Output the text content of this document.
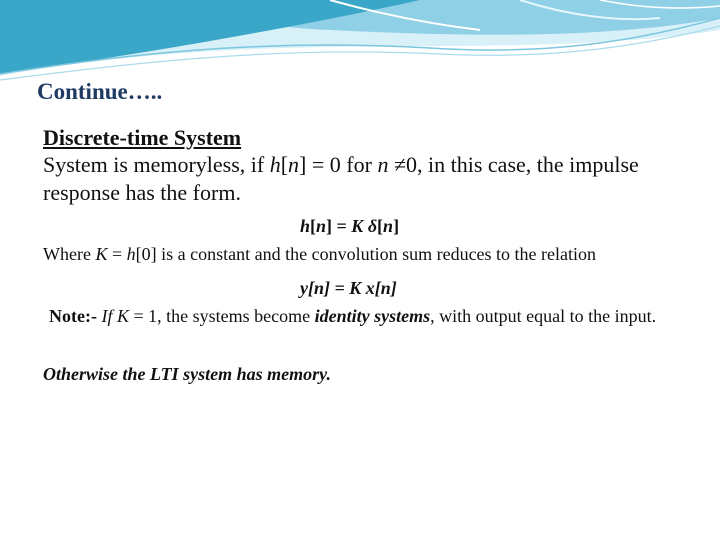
Continue…..
Discrete-time System
System is memoryless, if h[n] = 0 for n ≠0, in this case, the impulse response has the form.
h[n] = K δ[n]
Where K = h[0] is a constant and the convolution sum reduces to the relation
y[n] = K x[n]
Note:- If K = 1, the systems become identity systems, with output equal to the input.
Otherwise the LTI system has memory.
